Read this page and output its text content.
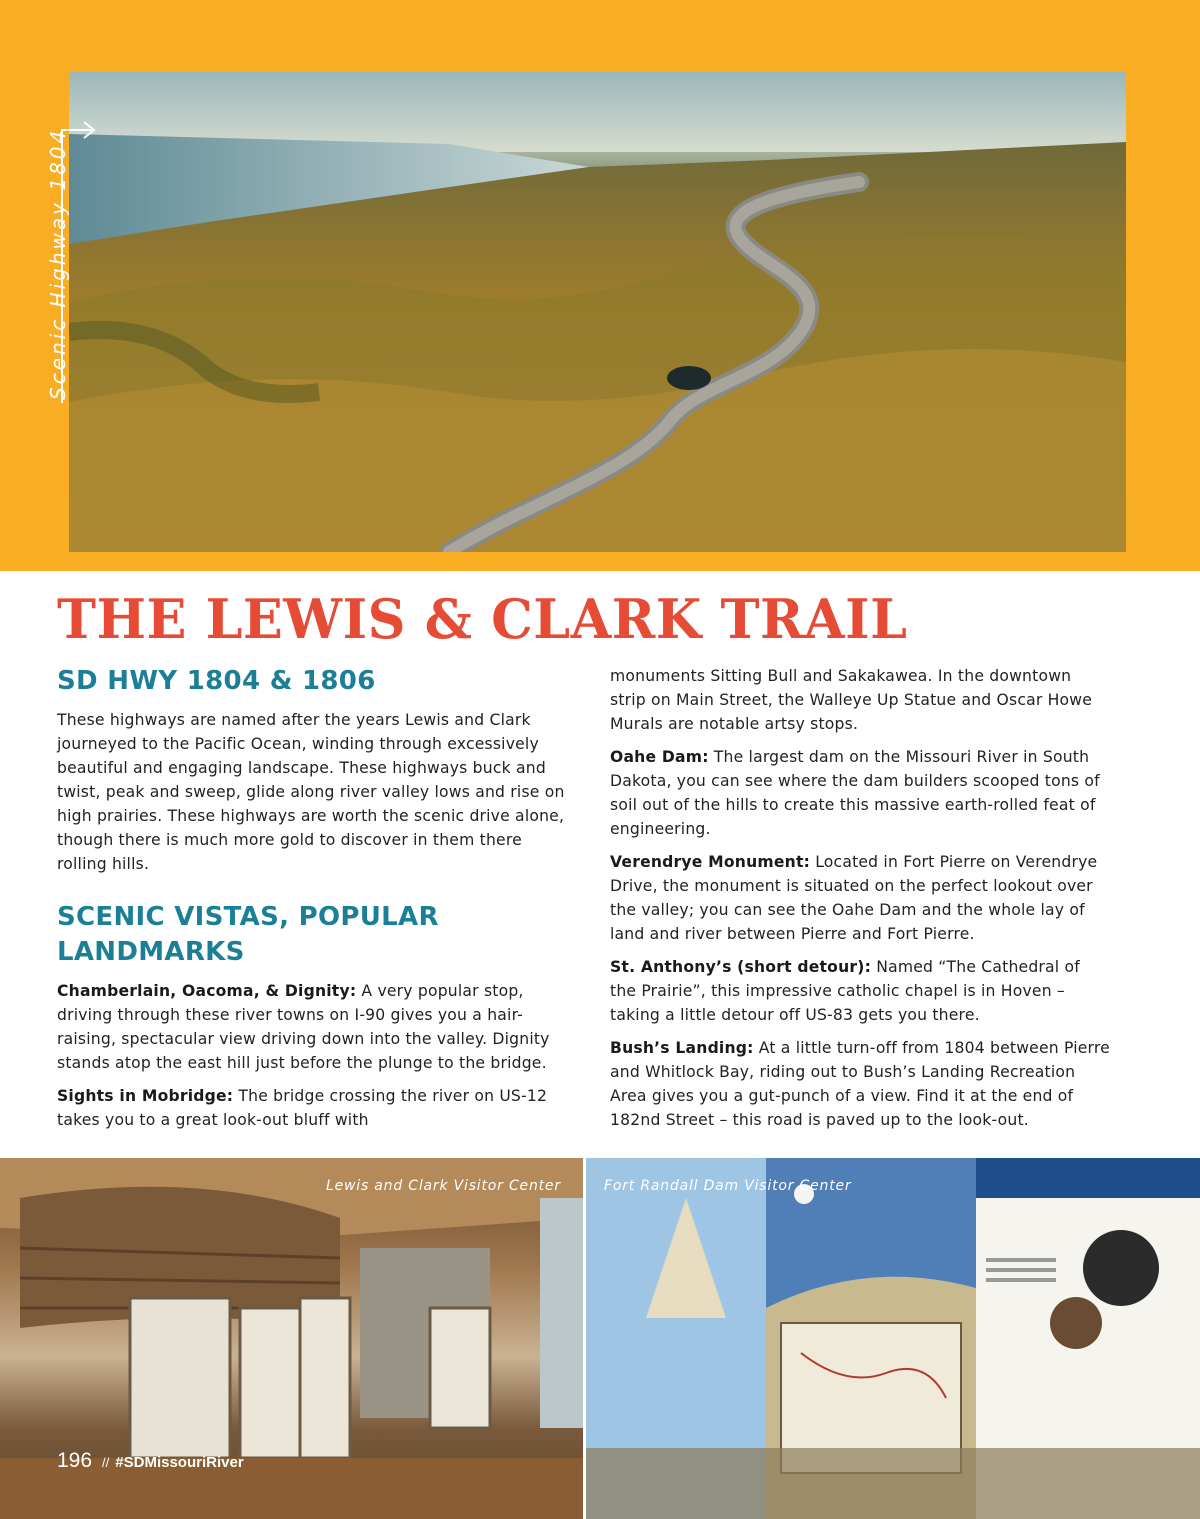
Scenic Highway 1804
THE LEWIS & CLARK TRAIL
SD HWY 1804 & 1806

These highways are named after the years Lewis and Clark journeyed to the Pacific Ocean, winding through excessively beautiful and engaging landscape. These highways buck and twist, peak and sweep, glide along river valley lows and rise on high prairies. These highways are worth the scenic drive alone, though there is much more gold to discover in them there rolling hills.

SCENIC VISTAS, POPULAR LANDMARKS

Chamberlain, Oacoma, & Dignity: A very popular stop, driving through these river towns on I-90 gives you a hair-raising, spectacular view driving down into the valley. Dignity stands atop the east hill just before the plunge to the bridge.

Sights in Mobridge: The bridge crossing the river on US-12 takes you to a great look-out bluff with

monuments Sitting Bull and Sakakawea. In the downtown strip on Main Street, the Walleye Up Statue and Oscar Howe Murals are notable artsy stops.

Oahe Dam: The largest dam on the Missouri River in South Dakota, you can see where the dam builders scooped tons of soil out of the hills to create this massive earth-rolled feat of engineering.

Verendrye Monument: Located in Fort Pierre on Verendrye Drive, the monument is situated on the perfect lookout over the valley; you can see the Oahe Dam and the whole lay of land and river between Pierre and Fort Pierre.

St. Anthony’s (short detour): Named “The Cathedral of the Prairie”, this impressive catholic chapel is in Hoven – taking a little detour off US-83 gets you there.

Bush’s Landing: At a little turn-off from 1804 between Pierre and Whitlock Bay, riding out to Bush’s Landing Recreation Area gives you a gut-punch of a view. Find it at the end of 182nd Street – this road is paved up to the look-out.

Lewis and Clark Visitor Center	Fort Randall Dam Visitor Center
196 // #SDMissouriRiver
